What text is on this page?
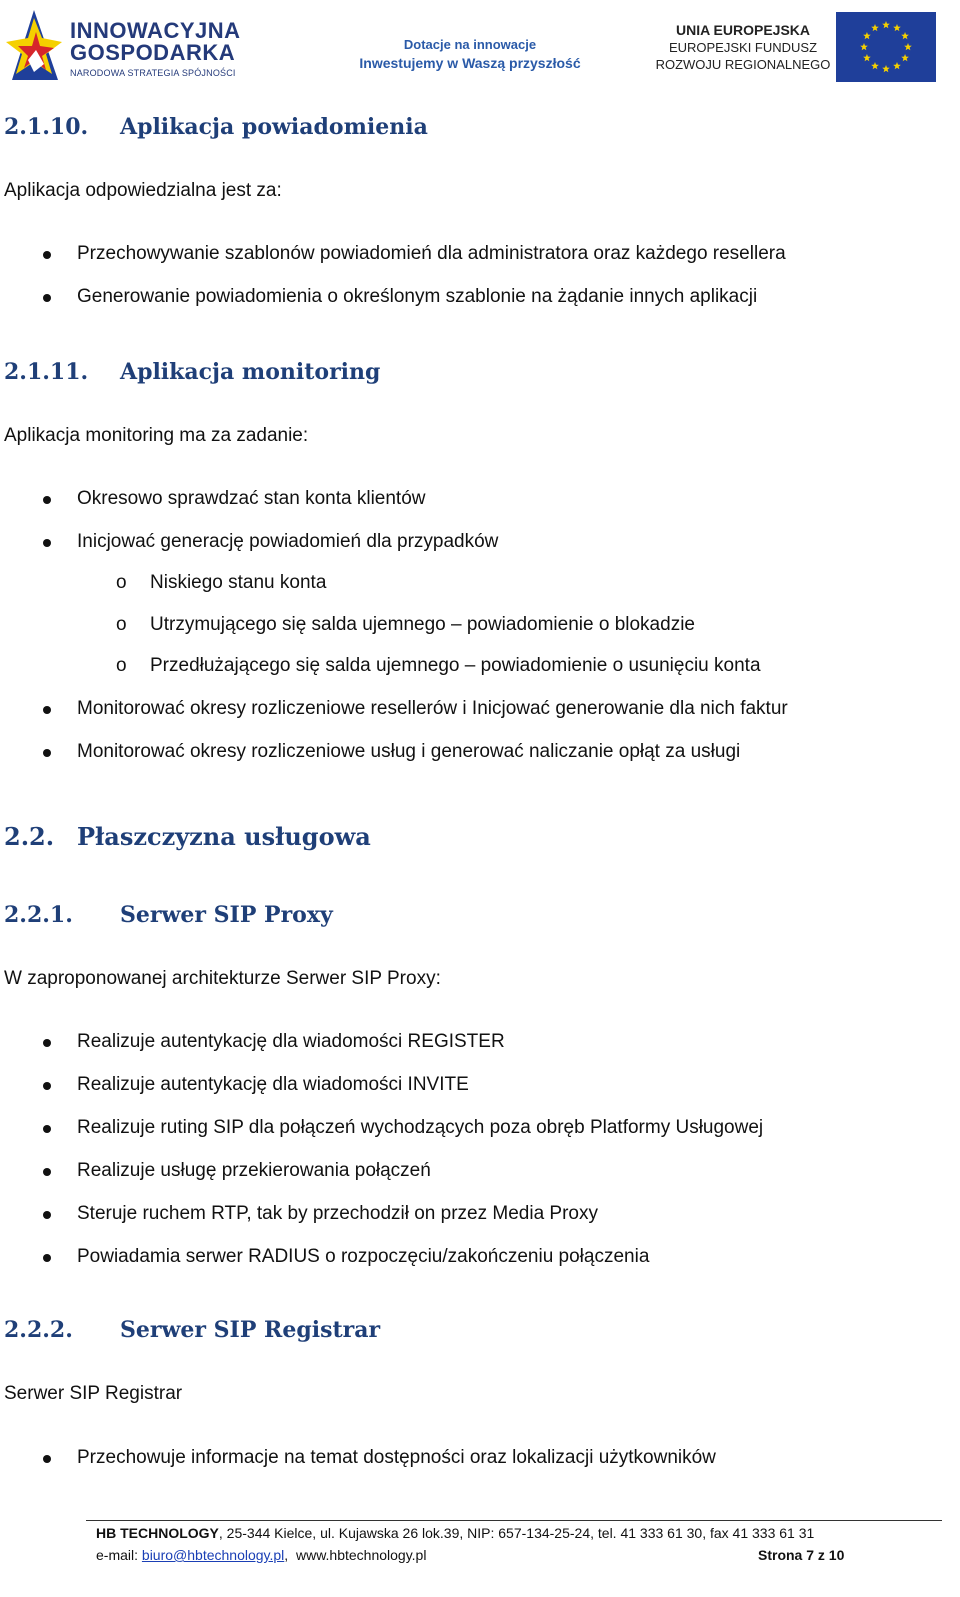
INNOWACYJNA
GOSPODARKA
NARODOWA STRATEGIA SPÓJNOŚCI
Dotacje na innowacje
Inwestujemy w Waszą przyszłość
UNIA EUROPEJSKA
EUROPEJSKI FUNDUSZ
ROZWOJU REGIONALNEGO
2.1.10. Aplikacja powiadomienia
Aplikacja odpowiedzialna jest za:
Przechowywanie szablonów powiadomień dla administratora oraz każdego resellera
Generowanie powiadomienia o określonym szablonie na żądanie innych aplikacji
2.1.11. Aplikacja monitoring
Aplikacja monitoring ma za zadanie:
Okresowo sprawdzać stan konta klientów
Inicjować generację powiadomień dla przypadków
o Niskiego stanu konta
o Utrzymującego się salda ujemnego – powiadomienie o blokadzie
o Przedłużającego się salda ujemnego – powiadomienie o usunięciu konta
Monitorować okresy rozliczeniowe resellerów i Inicjować generowanie dla nich faktur
Monitorować okresy rozliczeniowe usług i generować naliczanie opłąt za usługi
2.2. Płaszczyzna usługowa
2.2.1. Serwer SIP Proxy
W zaproponowanej architekturze Serwer SIP Proxy:
Realizuje autentykację dla wiadomości REGISTER
Realizuje autentykację dla wiadomości INVITE
Realizuje ruting SIP dla połączeń wychodzących poza obręb Platformy Usługowej
Realizuje usługę przekierowania połączeń
Steruje ruchem RTP, tak by przechodził on przez Media Proxy
Powiadamia serwer RADIUS o rozpoczęciu/zakończeniu połączenia
2.2.2. Serwer SIP Registrar
Serwer SIP Registrar
Przechowuje informacje na temat dostępności oraz lokalizacji użytkowników
HB TECHNOLOGY, 25-344 Kielce, ul. Kujawska 26 lok.39, NIP: 657-134-25-24, tel. 41 333 61 30, fax 41 333 61 31
e-mail: biuro@hbtechnology.pl,  www.hbtechnology.pl	Strona 7 z 10
